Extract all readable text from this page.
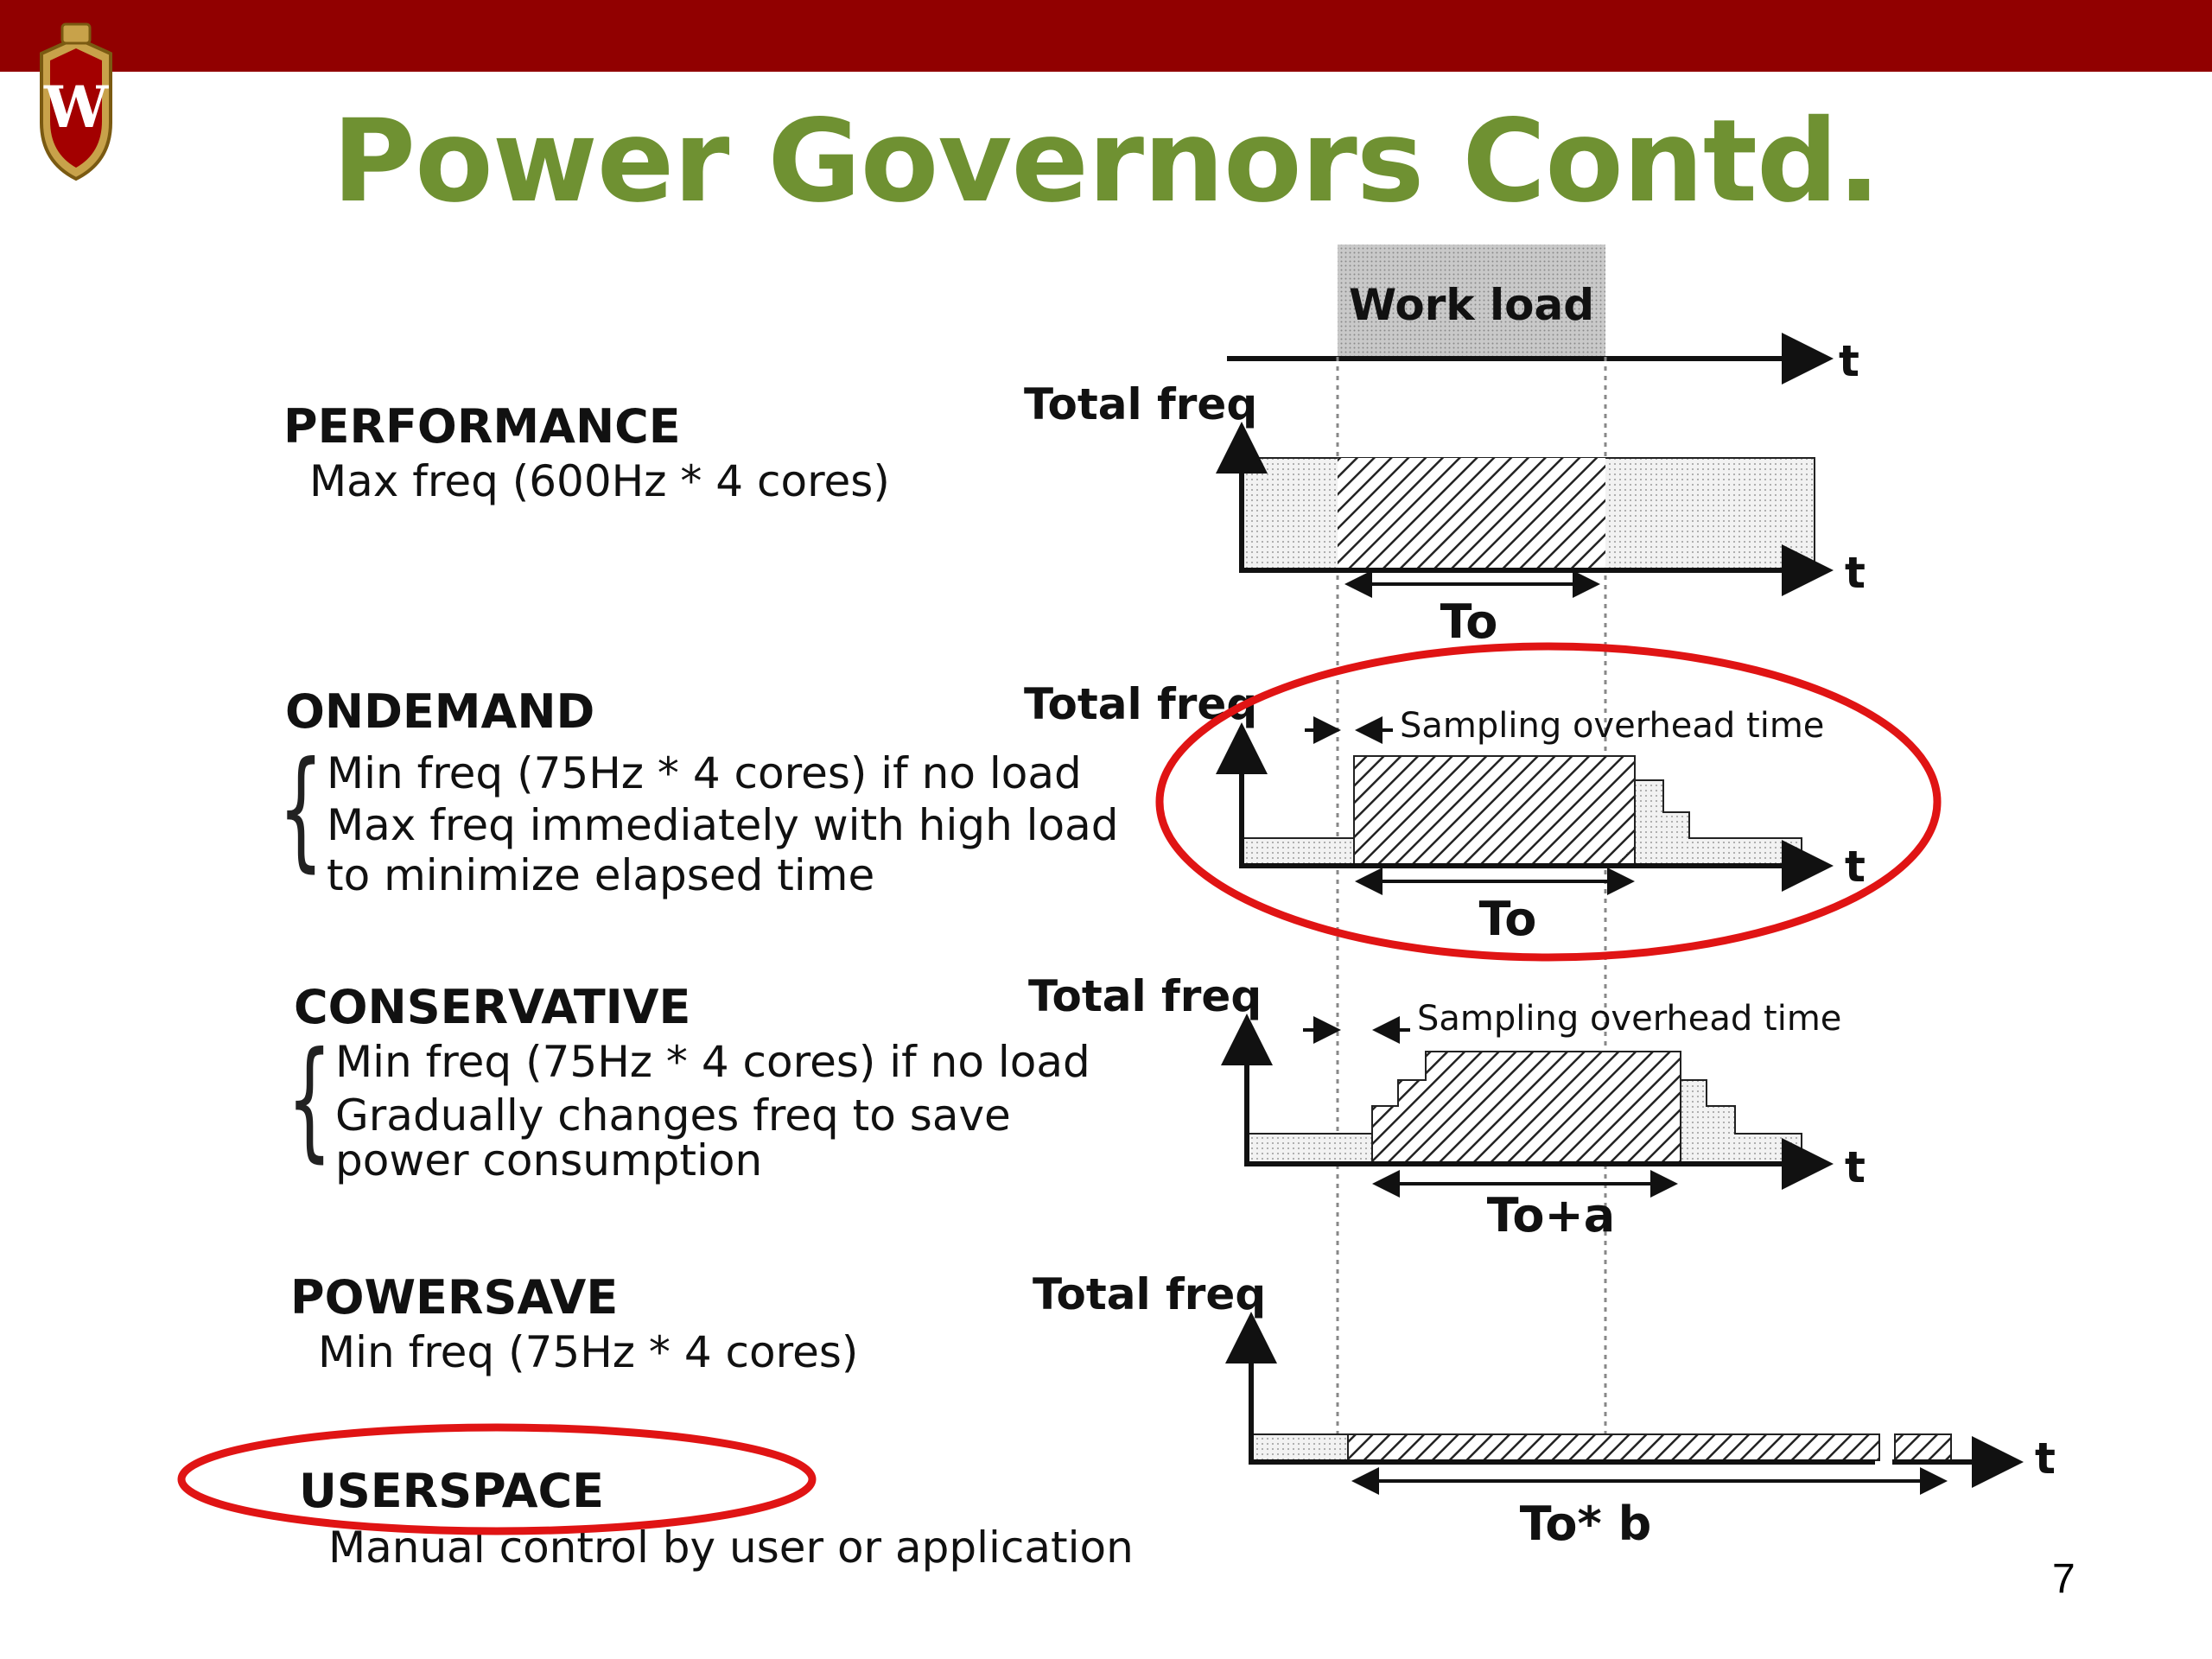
W	Power Governors Contd.
PERFORMANCE
Max freq (600Hz * 4 cores)
ONDEMAND
{ Min freq (75Hz * 4 cores) if no load
Max freq immediately with high load
to minimize elapsed time
CONSERVATIVE
{ Min freq (75Hz * 4 cores) if no load
Gradually changes freq to save
power consumption
POWERSAVE
Min freq (75Hz * 4 cores)
USERSPACE
Manual control by user or application
7
Work load
t
Total freq
t
To
Total freq	Sampling overhead time
t
To
Total freq	Sampling overhead time
t
To+a
Total freq
t
To* b
